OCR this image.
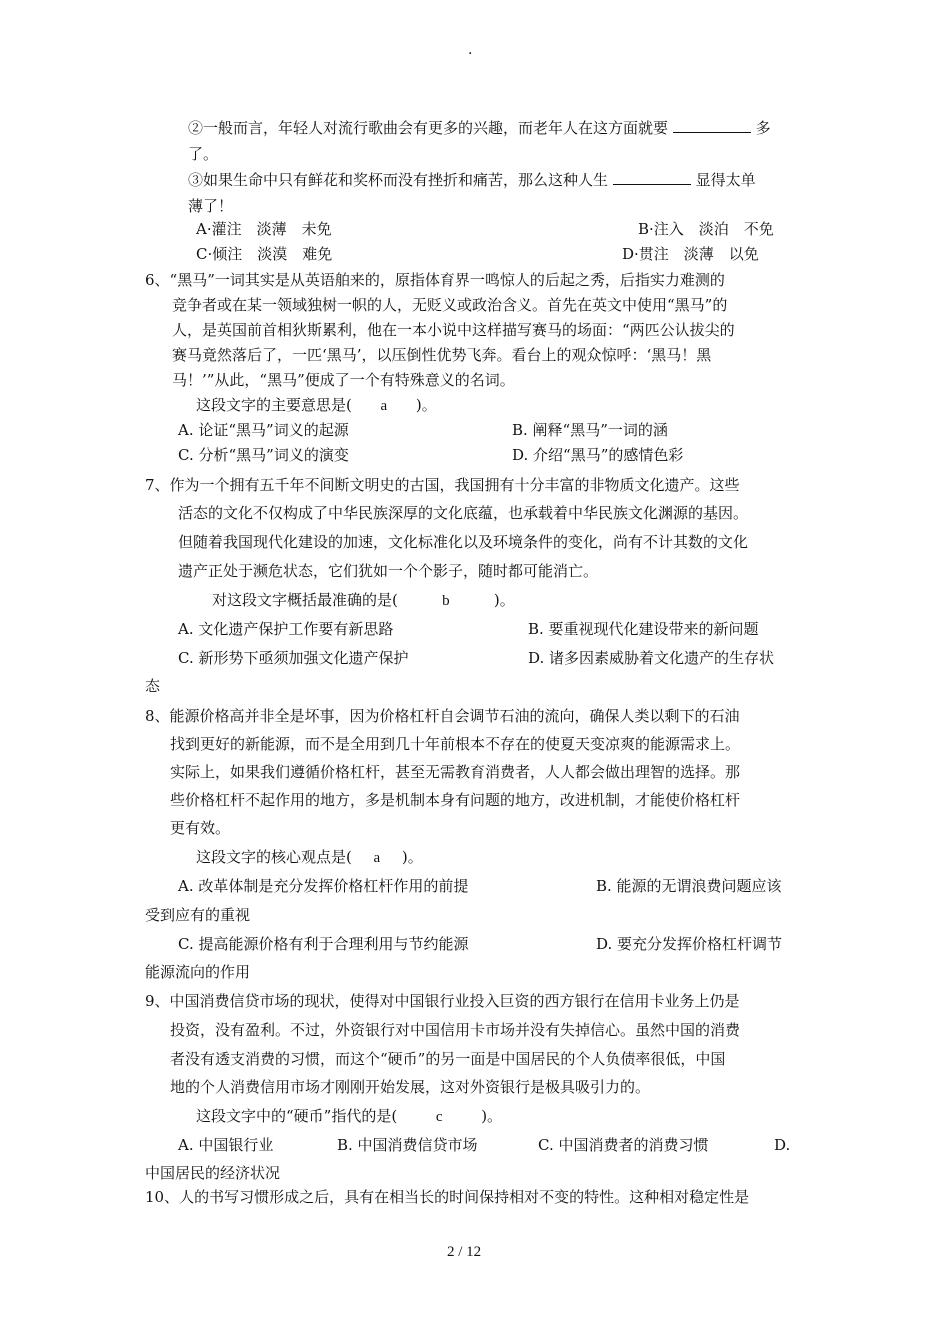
.
②一般而言，年轻人对流行歌曲会有更多的兴趣，而老年人在这方面就要	多
了。
③如果生命中只有鲜花和奖杯而没有挫折和痛苦，那么这种人生	显得太单
薄了！
A·灌注　淡薄　未免	B·注入　淡泊　不免
C·倾注　淡漠　难免	D·贯注　淡薄　以免
6、“黑马”一词其实是从英语舶来的，原指体育界一鸣惊人的后起之秀，后指实力难测的
竞争者或在某一领域独树一帜的人，无贬义或政治含义。首先在英文中使用“黑马”的
人，是英国前首相狄斯累利，他在一本小说中这样描写赛马的场面：“两匹公认拔尖的
赛马竟然落后了，一匹‘黑马’，以压倒性优势飞奔。看台上的观众惊呼：‘黑马！黑
马！’”从此，“黑马”便成了一个有特殊意义的名词。
这段文字的主要意思是( a )。
A. 论证“黑马”词义的起源	B. 阐释“黑马”一词的涵
C. 分析“黑马”词义的演变	D. 介绍“黑马”的感情色彩
7、作为一个拥有五千年不间断文明史的古国，我国拥有十分丰富的非物质文化遗产。这些
活态的文化不仅构成了中华民族深厚的文化底蕴，也承载着中华民族文化渊源的基因。
但随着我国现代化建设的加速，文化标准化以及环境条件的变化，尚有不计其数的文化
遗产正处于濒危状态，它们犹如一个个影子，随时都可能消亡。
对这段文字概括最准确的是(	b	)。
A. 文化遗产保护工作要有新思路	B. 要重视现代化建设带来的新问题
C. 新形势下亟须加强文化遗产保护	D. 诸多因素威胁着文化遗产的生存状
态
8、能源价格高并非全是坏事，因为价格杠杆自会调节石油的流向，确保人类以剩下的石油
找到更好的新能源，而不是全用到几十年前根本不存在的使夏天变凉爽的能源需求上。
实际上，如果我们遵循价格杠杆，甚至无需教育消费者，人人都会做出理智的选择。那
些价格杠杆不起作用的地方，多是机制本身有问题的地方，改进机制，才能使价格杠杆
更有效。
这段文字的核心观点是( a )。
A. 改革体制是充分发挥价格杠杆作用的前提	B. 能源的无谓浪费问题应该
受到应有的重视
C. 提高能源价格有利于合理利用与节约能源	D. 要充分发挥价格杠杆调节
能源流向的作用
9、中国消费信贷市场的现状，使得对中国银行业投入巨资的西方银行在信用卡业务上仍是
投资，没有盈利。不过，外资银行对中国信用卡市场并没有失掉信心。虽然中国的消费
者没有透支消费的习惯，而这个“硬币”的另一面是中国居民的个人负债率很低，中国
地的个人消费信用市场才刚刚开始发展，这对外资银行是极具吸引力的。
这段文字中的“硬币”指代的是(	c	)。
A. 中国银行业	B. 中国消费信贷市场	C. 中国消费者的消费习惯	D.
中国居民的经济状况
10、人的书写习惯形成之后，具有在相当长的时间保持相对不变的特性。这种相对稳定性是
2 / 12
